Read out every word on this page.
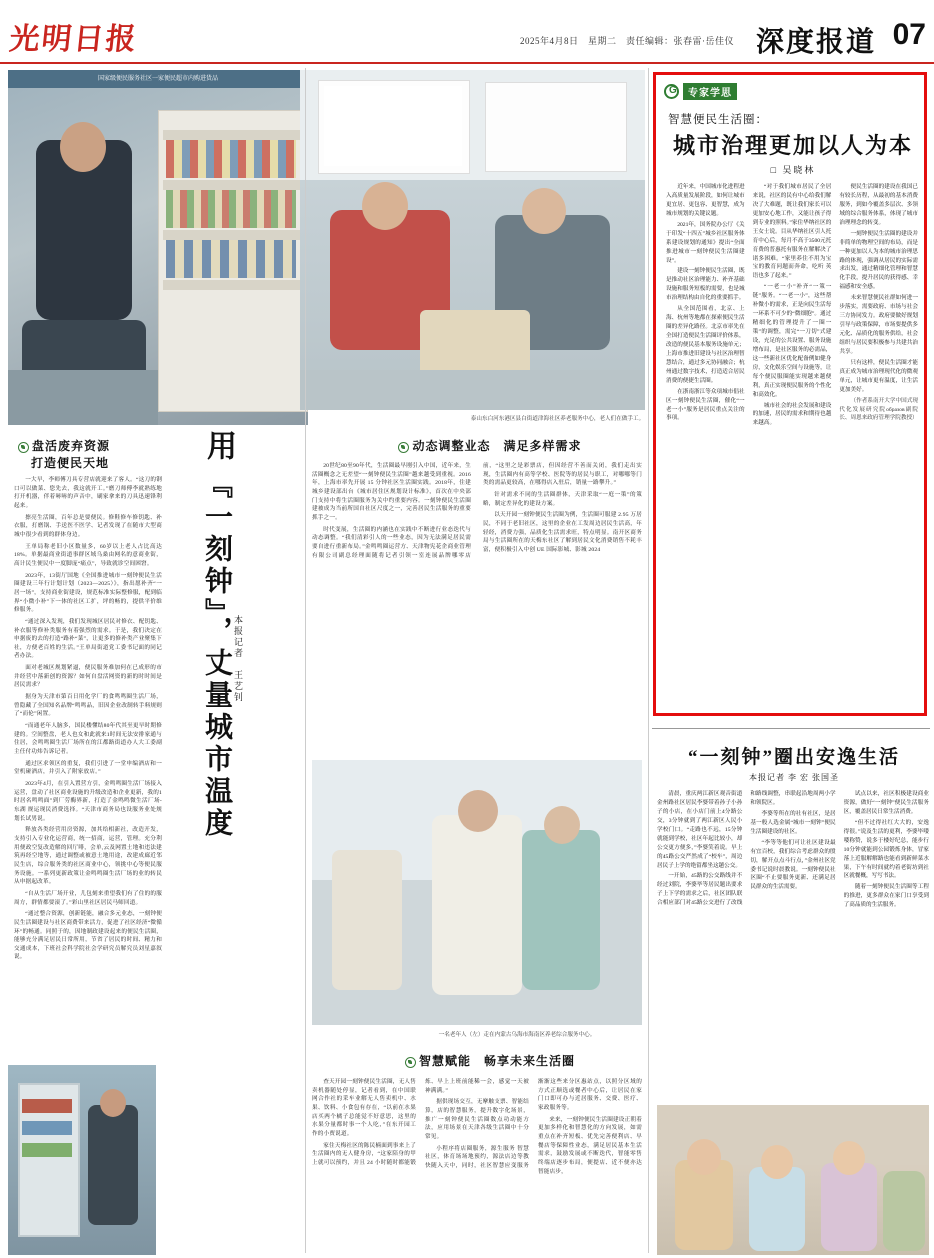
光明日报	2025年4月8日　星期二　责任编辑：张春雷·岳佳仪 深度报道 07
国家级便民服务社区一家便民超市内购进货品
盘活废弃资源
打造便民天地

一大早，李师傅刀具专营店就迎来了客人。“这刀的钢口可以做菜、您先去，我这就开工。”磨刀师傅李就熟练地打开机器，伴着哧哧的声音中，刷家拿来的刀具迅速锋利起来。

擦亮生活圈，百年总是要便民。修鞋修车修钥匙、补衣服，打磨锅、手送医不医学、记者发现了在随市大型商城中很少看到的群体身边。

王单局称老旧小区数量多，60岁以上老人占比高达18%。单据最商业街道事群区域乌桑由网名的意商业街，高计民生便民中一度脚庞“痛点”，导致就诊空间困窘。

2023年，13街厅国地《全国推进城市一刻钟便民生活圈建设三年行计划计划（2023—2025）》，指出愿补齐“一居一场”，支持商业街建设，规范标准实际整修服，配到临界“小微小补”下一体的社区工扩，坪的畅的，提供平价维修服务。

“通过深入发现，我们发现城区居民对修衣、配钥匙、补衣服等修补类服务有着强烈的需求。于是，我们决定在申据废的去的打造“路补“菜”，让更多的修补类产业聚集下社，方便老百姓的生活。”王单局街道党工委书记面的同记者办法。

面对老城区规划紧逼，便民服务难加何在已成形的市井经营中落新创的资源？如何自盘活网资的新的时时间是居民需求？

据身为天津市第百日用化学厂的食鸣鸣圈生活厂场，曾隐藏了全国知名品牌“鸣鸣品，旧因企业改制转手料规则了“而伦”闲置。

“而通老年人脑多，国民楼懂结80年代其至更早时期修建的。空间整盘，老人也女和此就来1时间无法安排家通与住居，会鸣鸣圈生活厂场所在的江都路街道办人大工委副主任付功炜告诉记者。

通过区求领区的重复，我们引进了一堂申编酒店和一堂机碰酒店，并引入了附家放店。”

2023年4月，在引入置营方引，金鸣鸣圈生活厂场接入运营，盘动了社区商业设施的升级改造和企业更新，我的1时居名鸣鸣面”到厂劳酶界新，打造了金鸣鸣微生活厂场-东湖 规运现民消费选择。“天津市商务局也设服务业处规划长试男说。

释放各类经营用房资源，加其给相新社，改造开发，支持引入专业化运营商，统一招商，运营，管理。充分利用便政空复改造解的回厅啡，会单,云及网置土地和违法建筑再经空地等，通过调整或被意土地用途，改建成廊近邻民生店，综合服务类的社区商业中心，领挑中心等便民服务设施。一系列更新政策让金鸣鸣圈生活厂场的业的转民从申据起改革。

“自从生活厂场开业，儿包刻来重望我们有了住的的服周方，群情都要滚了。”彩山里社区居民马师回道。

“通过整合资源，创新链能，融合多元业态，一刻钟便民生活圈建设与社区商费带来活力，促进了社区经济“微循环”的畅通。同照于的，因地制政建设起来的便民生活圈，能够充分满足居民日常所用，节省了居民的时间、精力和交通成本，下班社会科学院社会学研究员解究员刘星嘉叙说。

用
『一刻钟』，丈量城市温度 本报记者　王艺钊
泰山东白河东港区县白街道津海社区养老服务中心，老人们在做手工。
动态调整业态　 满足多样需求

20世纪80至90年代，生活圈最早刚引入中国，近年来，生活圈概念之无差望“一刻钟便民生活圈”越来越受到重视。2016年，上海市率先开展 15 分钟社区生活圈实践。2018年，住建城乡建设部出台《城市居住区规划设计标准》，首次在中央部门支持中将生活圈服务为关中约重要内容。一刻钟便民生活圈建被成为当前所国自社区尺度之一，完善居民生活服务的重要抓手之一。

时代变展，生活圈的内涵也在实践中不断进行业态迭代与动态调整。“我们清彩引人的一些业态，因为无法满足居民需要自进行重新布局。”金鸣鸣圈运营方、天津物宪花企商业管理有限公司副总经理面随将记者引领一室连展品牌哪零店前，“这里之是彩票店，但因经营不善而关闭，我们走出实现，生活圈内有高等学校、医院等的居民与职工，对哪哪等门类的需品更较高，在哪得店入驻后，销量一路攀升。”

针对需求不同的生活圈群体，天津采取“一庭一策”的策略，制定差异化的建设方案。

以天开园一刻钟便民生活圈为例，生活圈可服建 2.95 万居民，不同于老旧社区，这里的企业在工发周边居民生活高，年轻经，消费力强，品质化生活需求旺，特点明显。南开区商务局与生活圈所在的天梅东社区了解到居民文化消费销售不耗丰富，便积极引入中创 UE 国际影城、影城 2024

一名老年人（左）走在内蒙古乌海市海南区养老综合服务中心。
智慧赋能　 畅享未来生活圈

查天开园一刻钟便民生活圈，无人售卖机器随处停显，记者看到，在中国联网合作社的采车业解无人售卖机中、水果、饮料、小食包有存在，“以前在水果店买两个橘子总能觉不好意思，这里的水果分量都时事一个人吃，”在东开园工作的小贾说道。

家住天梅社区的陈民楠面到事来上了生活圈内的无人健身房，“这家陪身的甲上就可以预约，并且 24 小时随时都能锻炼、早上上班前能稀一会，感觉一天被神满满。”

据供现场交互，无摩触支票、智能结算，店的智慧服务，提升数字化场景，推广一刻钟便民生活圈数点功动能方法，应用场景在天津各级生活圈中十分常见。

小程序将店圈服务，源生服务 智慧社区，体育场场地预约，源法店边等教快随入天中，同时，社区智慧应变服务渐渐这些来分区惠站点，以照分区域的方式正顺选或餐者中心后，让居民在家门口即可办与近居服务、交费、医疗、家政服务等。

来来，一刻钟便民生活圈建设正朝着更加多样化和智慧化的方向发展，如需重点在补齐短板、优先完善便利店、早餐店等保障性业态，满足居民基本生活需求，鼓励发展或不断迭代，智能零售终端店逐步布局，便提店、近不便亦达智能店步，

G
专家学思
智慧便民生活圈：
城市治理更加以人为本
□ 吴晓林

近年来，中国城市化进程进入高质量发展阶段，如何让城市更宜居、更包容、更智慧，成为城市规划的关键议题。

2021年，国务院办公厅《关于印发“十四五”城乡社区服务体系建设规划的通知》提出“全面推进城市一刻钟便民生活圈建设”。

建设一刻钟便民生活圈，既是推动社区治理能力、补齐基础设施和服务短板的需要，也是城市治理结构由自化的重要抓手。

从全国范围看，北京、上海、杭州等地都在探索便民生活圈的差异化路径。北京市率先在全国打造便民生活圈评价体系，改造的便民基本服务设施单元；上海市推进旧建设与社区治理智慧结合，通过多元协同融合；杭州通过数字技术，打造适合居民消费的便捷生活圈。

在浙南浙江等众项城市倡社区一刻钟便民生活圈，催化“一老一小”服务是居民重点关注的事项。

“对于我们城市居民了全居来说，社区的民有中心给我们解决了大难题，既让我们家长可以更加安心地工作，又能让孩子得到专业的照料。”家住华纳社区的王女士说。目从华纳社区引人托育中心后，每月不高于3500元托育费的普惠托有服务在解解决了诸多困难。“家里养住不用为宝宝的教育问题而奔命，吃听 英语也多了起来。”

“一老一小”补齐“一策一链”服务。“一老一小”，这些帮补微小的需求，正是向民生活每一环系不可少的“微细胞”。通过精细化的管理提升了一圈一策”的调整，需完“一刀切”式建设，充足的公共设置、服务设施增布局，是社区服务的必需品，这一些新社区优化配备例如健身房，文化娱乐空间与设施等，让每个便民服圈能实现越来越便利，真正实现便民服务的个性化和高效化。

城市社会的社会发展和建设的加速，居民的需求和期待也越来越高。

便民生活圈的建设在我国已有较长历程，从最初的基本消费服务，到如今覆盖多层次、多领域的综合服务体系，体现了城市治理理念的转变。

一刻钟便民生活圈的建设并非简单的物理空间的布局，而是一种更加以人为本的城市治理思路的体现，强调从居民的实际需求出发，通过精细化管理和智慧化手段，提升居民的获得感、幸福感和安全感。

未来智慧便民社群如何进一步落实，需要政府、市场与社会三方协同发力。政府要做好规划引导与政策保障，市场要提供多元化、品质化的服务供给，社会组织与居民要积极参与共建共治共享。

只有这样，便民生活圈才能真正成为城市治理现代化的微观单元，让城市更有温度，让生活更加美好。

（作者系南开大学中国式现代化发展研究院образов副院长、周恩来政府管理学院教授）

“一刻钟”圈出安逸生活
本报记者 李 宏 张国圣

清晨，重庆两江新区观音街道金州路社区居民李婆带着孙子小孙子的小店，在小店门前上4分路公交，3分钟就到了两江新区人民小学校门口。“走路也不远，15分钟就能到学校，社区年起比较小，却公交更方便多，”李婆笑着说。早上的45路公交严然成了“校车”，周边居民子上学的绝留都坐这趟公交。

一开始，45路的公交路线并不经过刘院，李婆毕等居民题出要求子上下学的需求之后，社区团队联合相应部门对45路公交进行了改线和路线调整，串联起沿地周两小学和领院区。

李婆等所在的社有社区，是居基一般人选金属“城市一刻钟”便民生活圈建设的社区。

“李等等他们可让社区建设最有宜百校，我们综合考虑群众的殷切，解开点点斗行点，”金州社区党委书记说时晨教说。一刻钟便民社区圈“不止要服务更新、还满足居民群众的生活需要。

试点以来，社区积极建设商业资源，做好“一刻钟”便民生活服务区，覆盖居民日常生活消费。

“但不过得社红大大的，安逸得很。”说及生活的更利，李婆毕喽喽称赞，说多于楼好纪总，能步行10分钟就能到公园锻炼身体，冒家落上近服解解路也能看到新鲜菜水果，下午有时间就约着老街坊到社区就餐概，写写书法。

随着一刻钟便民生活圈等工程的推进，更多群众在家门口享受到了高品质的生活服务。
